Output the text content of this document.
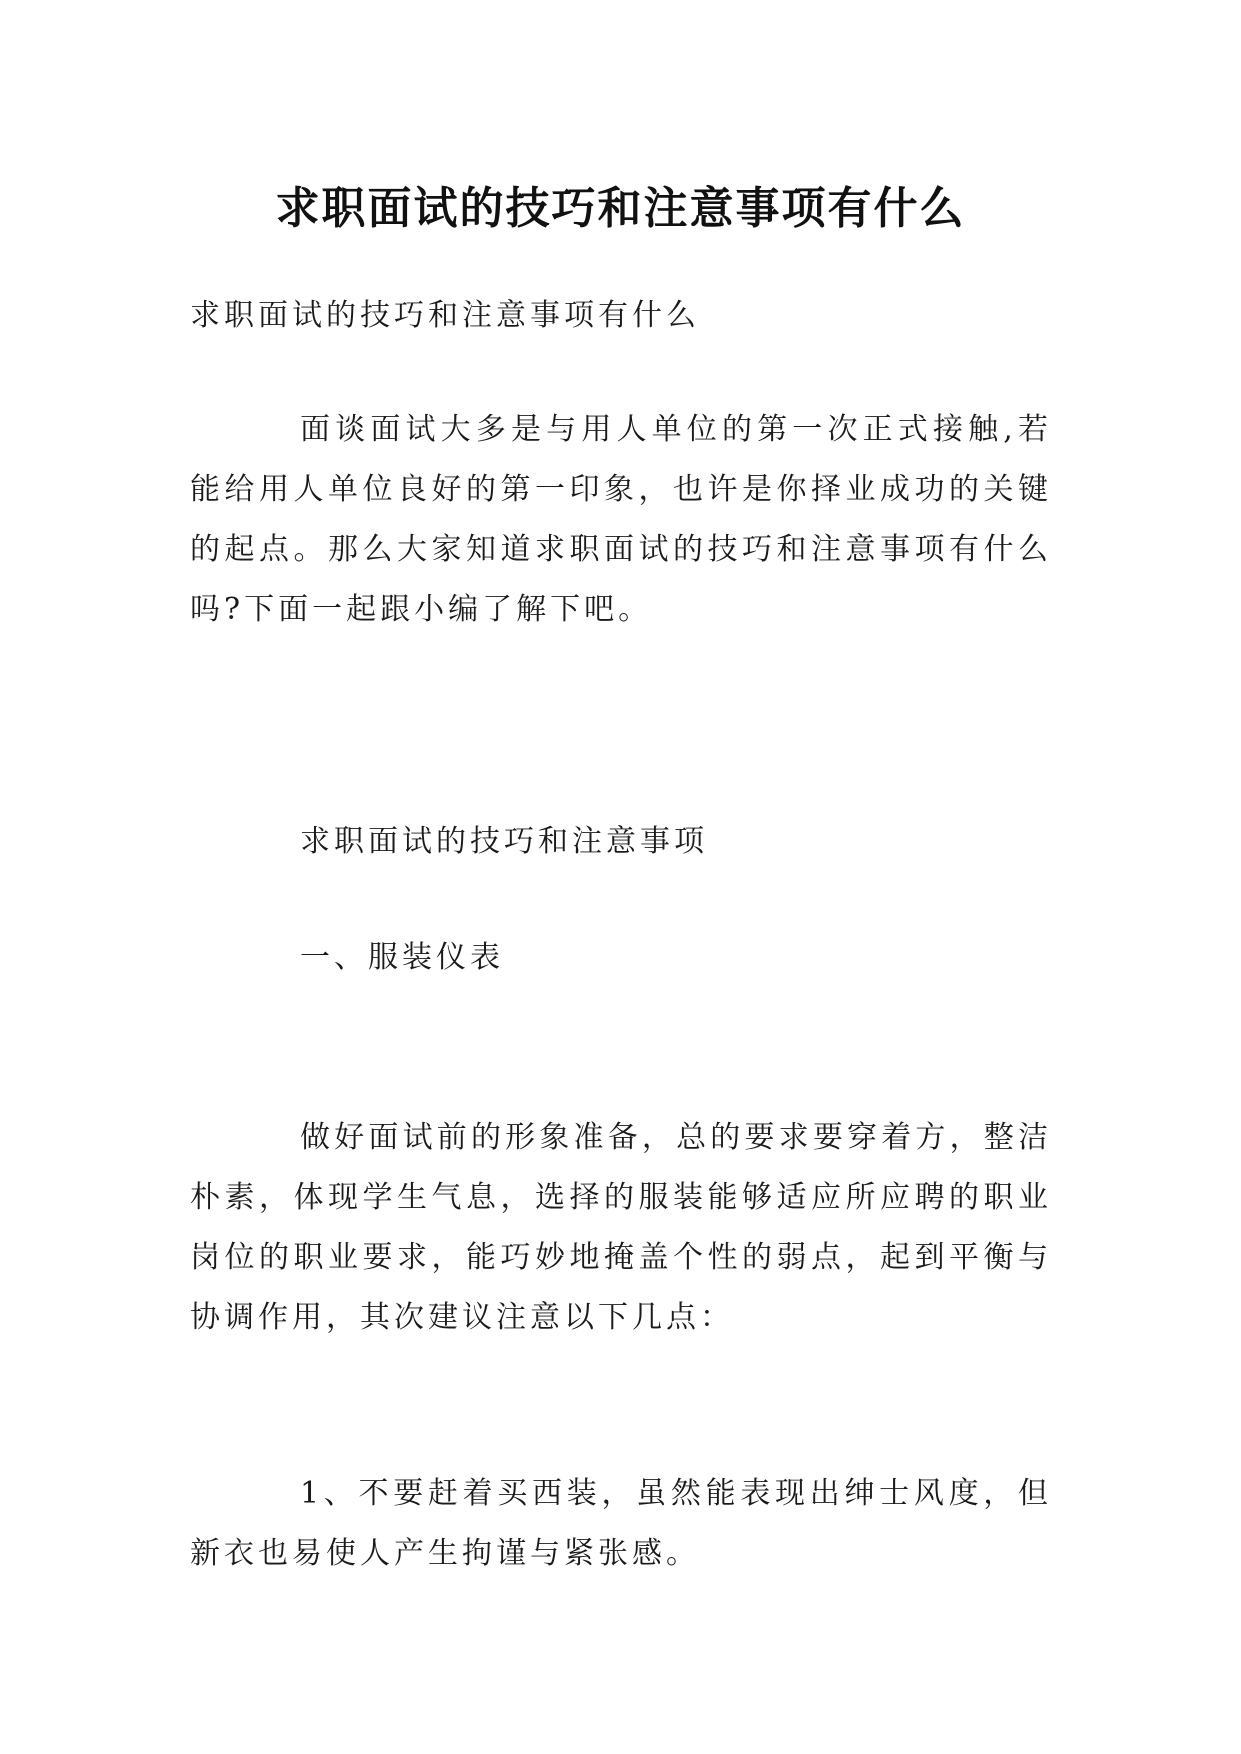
求职面试的技巧和注意事项有什么

求职面试的技巧和注意事项有什么

面谈面试大多是与用人单位的第一次正式接触,若能给用人单位良好的第一印象，也许是你择业成功的关键的起点。那么大家知道求职面试的技巧和注意事项有什么吗?下面一起跟小编了解下吧。

求职面试的技巧和注意事项

一、服装仪表

做好面试前的形象准备，总的要求要穿着方，整洁朴素，体现学生气息，选择的服装能够适应所应聘的职业岗位的职业要求，能巧妙地掩盖个性的弱点，起到平衡与协调作用，其次建议注意以下几点：

1、不要赶着买西装，虽然能表现出绅士风度，但新衣也易使人产生拘谨与紧张感。
